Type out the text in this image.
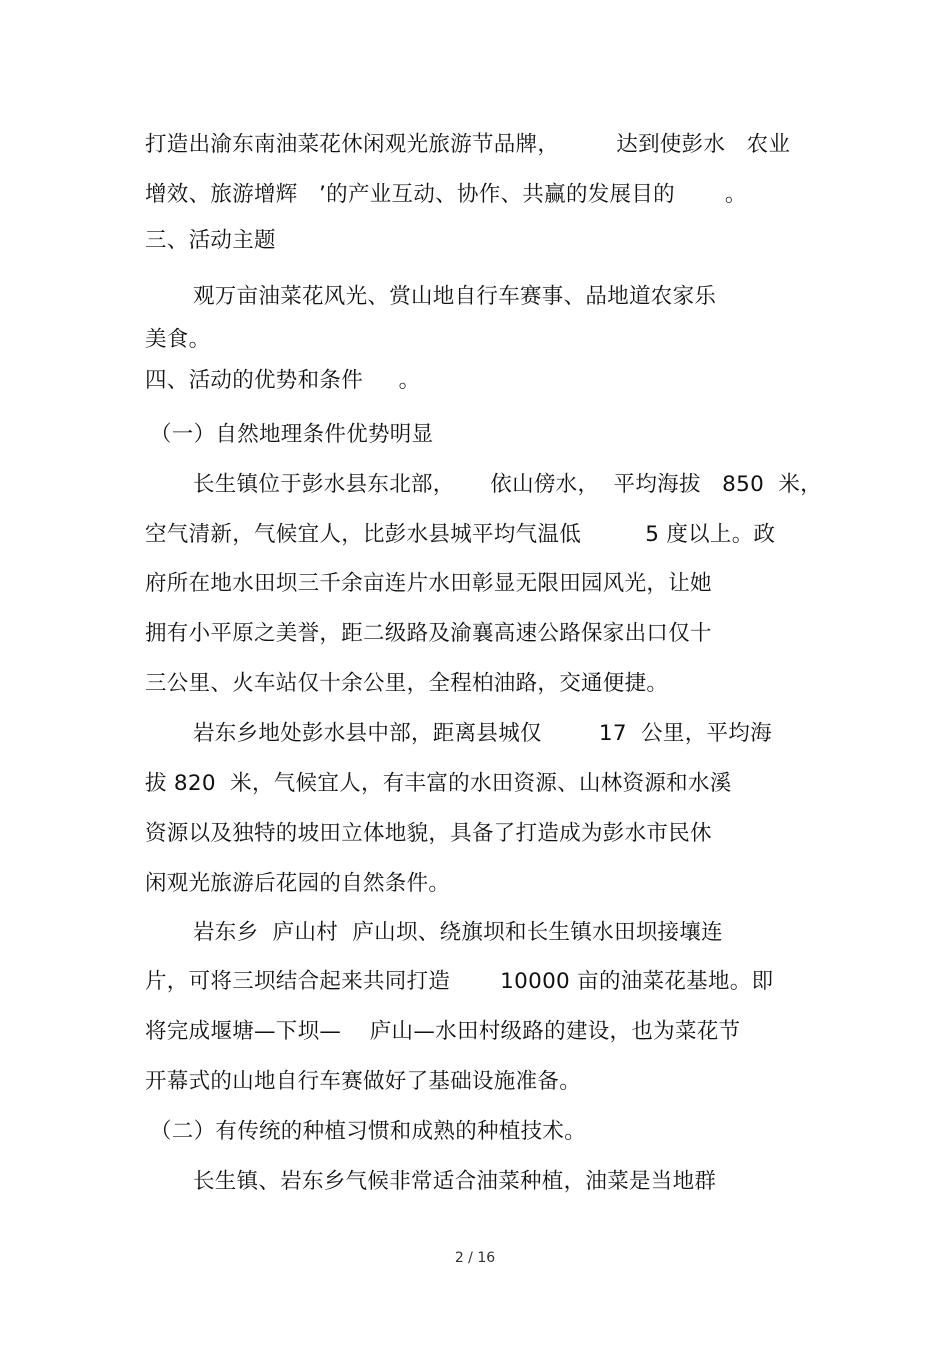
打造出渝东南油菜花休闲观光旅游节品牌，        达到使彭水   农业
增效、旅游增辉   ’的产业互动、协作、共赢的发展目的       。
三、活动主题
观万亩油菜花风光、赏山地自行车赛事、品地道农家乐
美食。
四、活动的优势和条件     。
（一）自然地理条件优势明显
长生镇位于彭水县东北部，     依山傍水，  平均海拔   850  米，
空气清新，气候宜人，比彭水县城平均气温低         5 度以上。政
府所在地水田坝三千余亩连片水田彰显无限田园风光，让她
拥有小平原之美誉，距二级路及渝襄高速公路保家出口仅十
三公里、火车站仅十余公里，全程柏油路，交通便捷。
岩东乡地处彭水县中部，距离县城仅        17  公里，平均海
拔 820  米，气候宜人，有丰富的水田资源、山林资源和水溪
资源以及独特的坡田立体地貌，具备了打造成为彭水市民休
闲观光旅游后花园的自然条件。
岩东乡  庐山村  庐山坝、绕旗坝和长生镇水田坝接壤连
片，可将三坝结合起来共同打造       10000 亩的油菜花基地。即
将完成堰塘—下坝—    庐山—水田村级路的建设，也为菜花节
开幕式的山地自行车赛做好了基础设施准备。
（二）有传统的种植习惯和成熟的种植技术。
长生镇、岩东乡气候非常适合油菜种植，油菜是当地群
2 / 16
